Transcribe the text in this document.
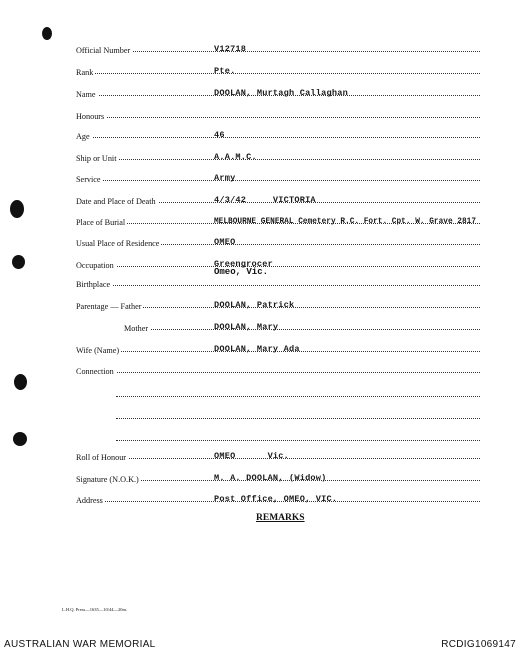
Official Number	V12718
Rank	Pte.
Name	DOOLAN, Murtagh Callaghan
Honours
Age	46
Ship or Unit	A.A.M.C.
Service	Army
Date and Place of Death	4/3/42     VICTORIA
Place of Burial	MELBOURNE GENERAL Cemetery R.C. Fort. Cpt. W. Grave 2817
Usual Place of Residence	OMEO
Occupation	Greengrocer
Omeo, Vic.
Birthplace
Parentage — Father	DOOLAN, Patrick
Mother	DOOLAN, Mary
Wife (Name)	DOOLAN, Mary Ada
Connection
Roll of Honour	OMEO      Vic.
Signature (N.O.K.)	M. A. DOOLAN, (Widow)
Address	Post Office, OMEO, VIC.
REMARKS
L.H.Q. Press—1635—10/44—20m.
AUSTRALIAN WAR MEMORIAL	RCDIG1069147
